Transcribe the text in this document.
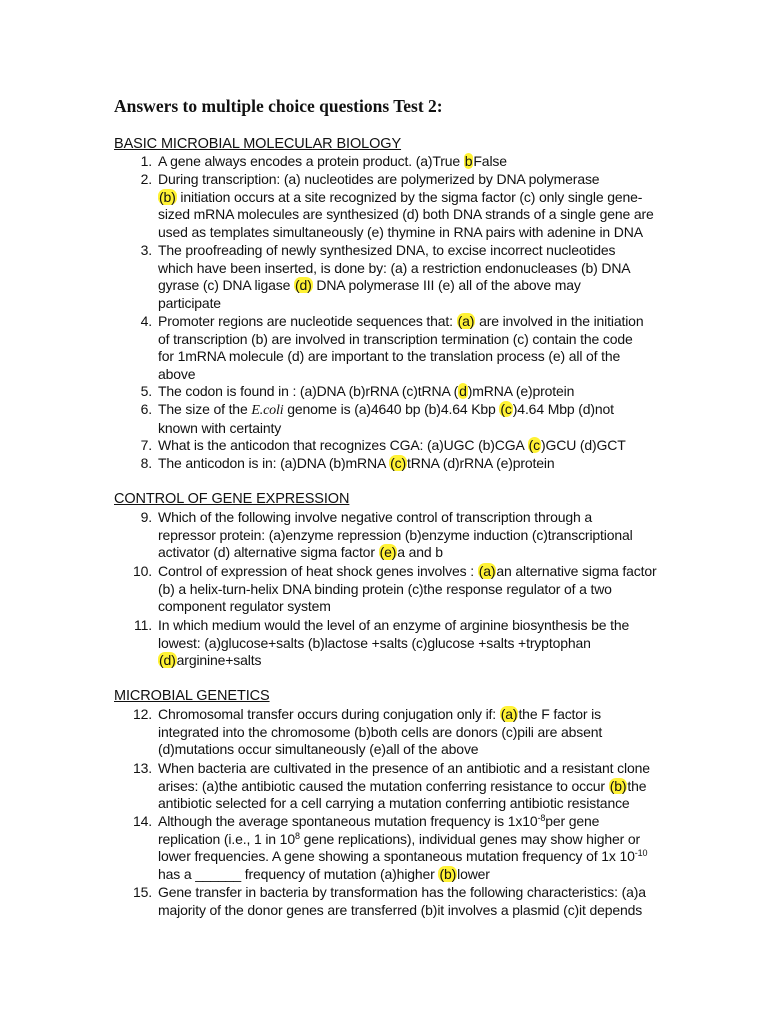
Answers to multiple choice questions Test 2:
BASIC MICROBIAL MOLECULAR BIOLOGY
CONTROL OF GENE EXPRESSION
MICROBIAL GENETICS
1. A gene always encodes a protein product. (a)True bFalse
2. During transcription: (a) nucleotides are polymerized by DNA polymerase
(b) initiation occurs at a site recognized by the sigma factor (c) only single gene-
sized mRNA molecules are synthesized (d) both DNA strands of a single gene are
used as templates simultaneously (e) thymine in RNA pairs with adenine in DNA
3. The proofreading of newly synthesized DNA, to excise incorrect nucleotides
which have been inserted, is done by: (a) a restriction endonucleases (b) DNA
gyrase (c) DNA ligase (d) DNA polymerase III (e) all of the above may
participate
4. Promoter regions are nucleotide sequences that: (a) are involved in the initiation
of transcription (b) are involved in transcription termination (c) contain the code
for 1mRNA molecule (d) are important to the translation process (e) all of the
above
5. The codon is found in : (a)DNA (b)rRNA (c)tRNA (d)mRNA (e)protein
6. The size of the E.coli genome is (a)4640 bp (b)4.64 Kbp (c)4.64 Mbp (d)not
known with certainty
7. What is the anticodon that recognizes CGA: (a)UGC (b)CGA (c)GCU (d)GCT
8. The anticodon is in: (a)DNA (b)mRNA (c)tRNA (d)rRNA (e)protein
9. Which of the following involve negative control of transcription through a
repressor protein: (a)enzyme repression (b)enzyme induction (c)transcriptional
activator (d) alternative sigma factor (e)a and b
10. Control of expression of heat shock genes involves : (a)an alternative sigma factor
(b) a helix-turn-helix DNA binding protein (c)the response regulator of a two
component regulator system
11. In which medium would the level of an enzyme of arginine biosynthesis be the
lowest: (a)glucose+salts (b)lactose +salts (c)glucose +salts +tryptophan
(d)arginine+salts
12. Chromosomal transfer occurs during conjugation only if: (a)the F factor is
integrated into the chromosome (b)both cells are donors (c)pili are absent
(d)mutations occur simultaneously (e)all of the above
13. When bacteria are cultivated in the presence of an antibiotic and a resistant clone
arises: (a)the antibiotic caused the mutation conferring resistance to occur (b)the
antibiotic selected for a cell carrying a mutation conferring antibiotic resistance
14. Although the average spontaneous mutation frequency is $1x10^{-8}per$ gene
replication (i.e., 1 in $10^8$ gene replications), individual genes may show higher or
lower frequencies. A gene showing a spontaneous mutation frequency of 1x $10^{-10}$
has a ______ frequency of mutation (a)higher (b)lower
15. Gene transfer in bacteria by transformation has the following characteristics: (a)a
majority of the donor genes are transferred (b)it involves a plasmid (c)it depends
